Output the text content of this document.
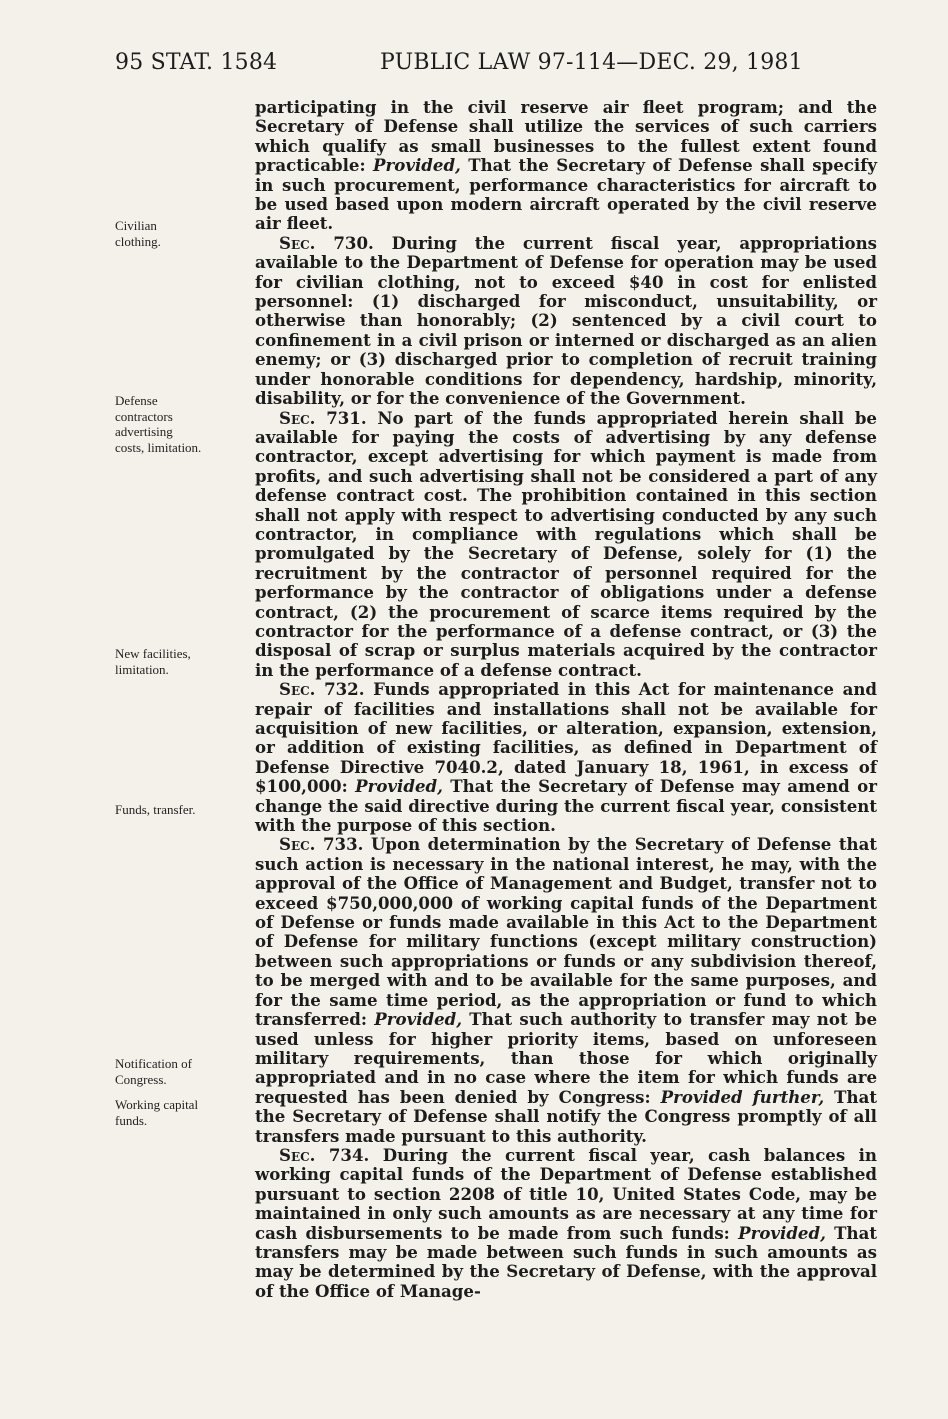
95 STAT. 1584	PUBLIC LAW 97-114—DEC. 29, 1981
Civilian
clothing.
Defense
contractors
advertising
costs, limitation.
New facilities,
limitation.
Funds, transfer.
Notification of
Congress.
Working capital
funds.

participating in the civil reserve air fleet program; and the Secretary of Defense shall utilize the services of such carriers which qualify as small businesses to the fullest extent found practicable: Provided, That the Secretary of Defense shall specify in such procurement, performance characteristics for aircraft to be used based upon modern aircraft operated by the civil reserve air fleet.

Sec. 730. During the current fiscal year, appropriations available to the Department of Defense for operation may be used for civilian clothing, not to exceed $40 in cost for enlisted personnel: (1) discharged for misconduct, unsuitability, or otherwise than honorably; (2) sentenced by a civil court to confinement in a civil prison or interned or discharged as an alien enemy; or (3) discharged prior to completion of recruit training under honorable conditions for dependency, hardship, minority, disability, or for the convenience of the Government.

Sec. 731. No part of the funds appropriated herein shall be available for paying the costs of advertising by any defense contractor, except advertising for which payment is made from profits, and such advertising shall not be considered a part of any defense contract cost. The prohibition contained in this section shall not apply with respect to advertising conducted by any such contractor, in compliance with regulations which shall be promulgated by the Secretary of Defense, solely for (1) the recruitment by the contractor of personnel required for the performance by the contractor of obligations under a defense contract, (2) the procurement of scarce items required by the contractor for the performance of a defense contract, or (3) the disposal of scrap or surplus materials acquired by the contractor in the performance of a defense contract.

Sec. 732. Funds appropriated in this Act for maintenance and repair of facilities and installations shall not be available for acquisition of new facilities, or alteration, expansion, extension, or addition of existing facilities, as defined in Department of Defense Directive 7040.2, dated January 18, 1961, in excess of $100,000: Provided, That the Secretary of Defense may amend or change the said directive during the current fiscal year, consistent with the purpose of this section.

Sec. 733. Upon determination by the Secretary of Defense that such action is necessary in the national interest, he may, with the approval of the Office of Management and Budget, transfer not to exceed $750,000,000 of working capital funds of the Department of Defense or funds made available in this Act to the Department of Defense for military functions (except military construction) between such appropriations or funds or any subdivision thereof, to be merged with and to be available for the same purposes, and for the same time period, as the appropriation or fund to which transferred: Provided, That such authority to transfer may not be used unless for higher priority items, based on unforeseen military requirements, than those for which originally appropriated and in no case where the item for which funds are requested has been denied by Congress: Provided further, That the Secretary of Defense shall notify the Congress promptly of all transfers made pursuant to this authority.

Sec. 734. During the current fiscal year, cash balances in working capital funds of the Department of Defense established pursuant to section 2208 of title 10, United States Code, may be maintained in only such amounts as are necessary at any time for cash disbursements to be made from such funds: Provided, That transfers may be made between such funds in such amounts as may be determined by the Secretary of Defense, with the approval of the Office of Manage-
